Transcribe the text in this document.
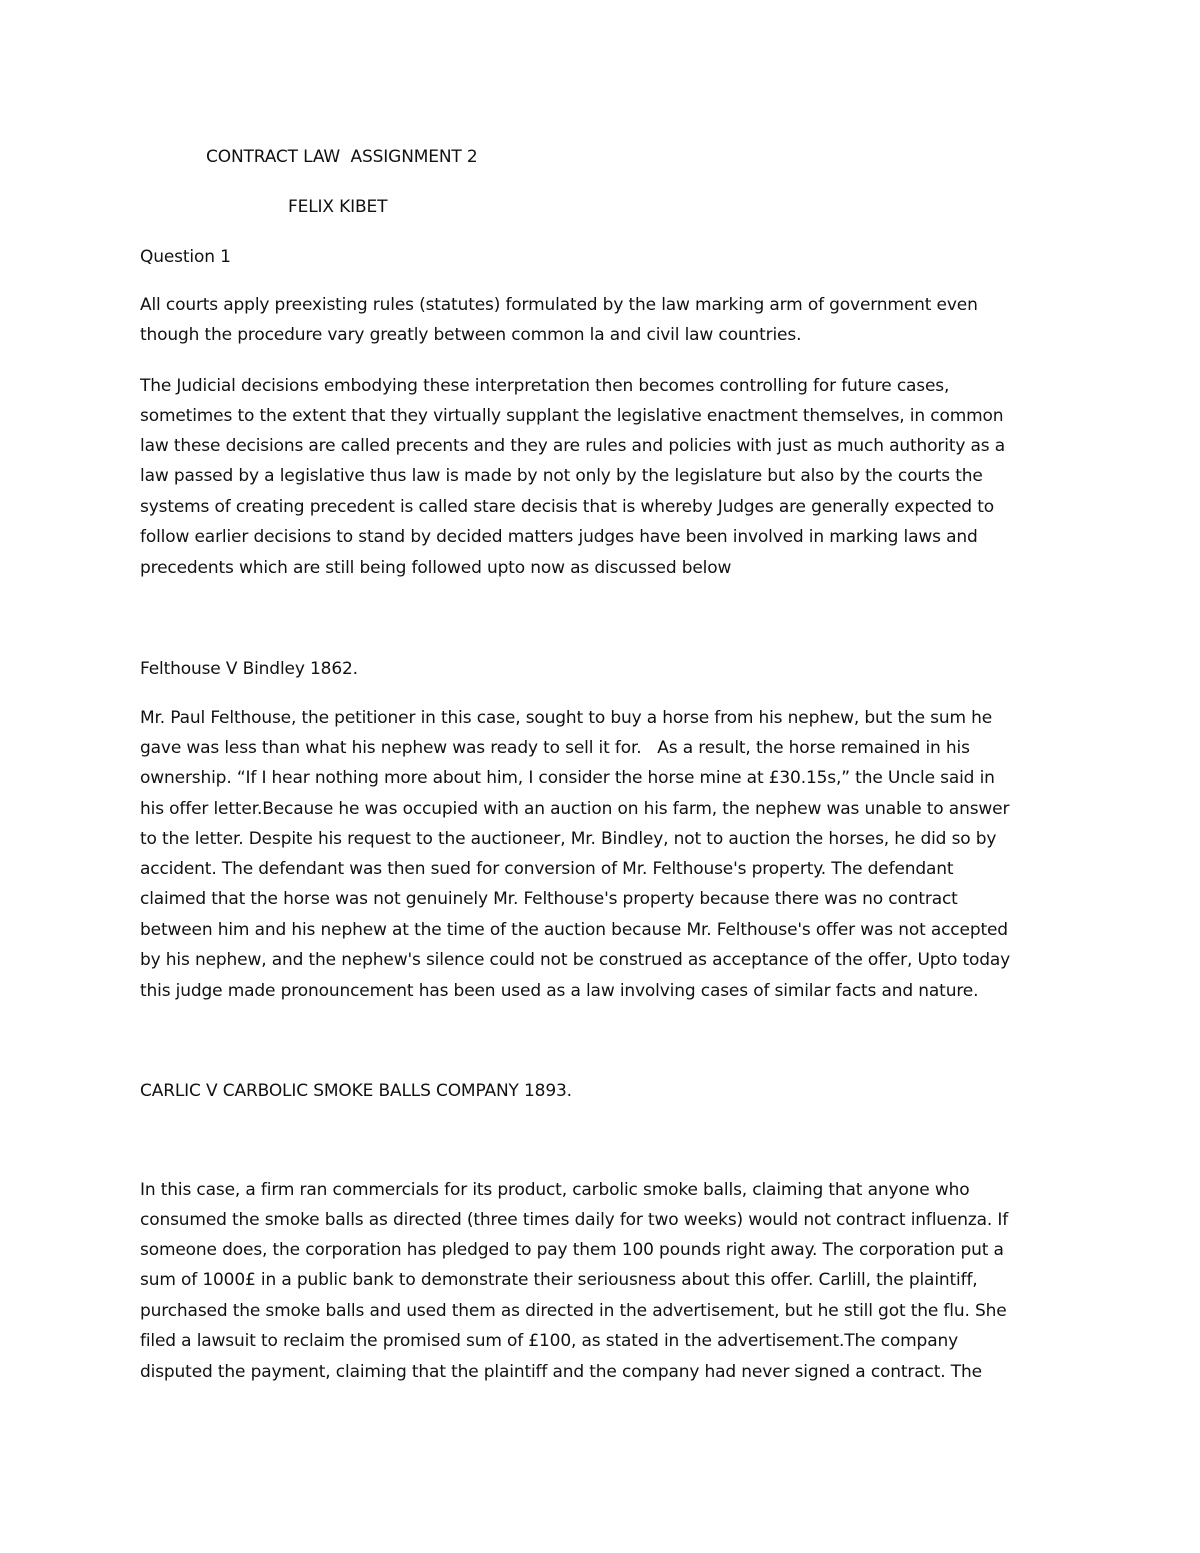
CONTRACT LAW  ASSIGNMENT 2
FELIX KIBET
Question 1
All courts apply preexisting rules (statutes) formulated by the law marking arm of government even
though the procedure vary greatly between common la and civil law countries.
The Judicial decisions embodying these interpretation then becomes controlling for future cases,
sometimes to the extent that they virtually supplant the legislative enactment themselves, in common
law these decisions are called precents and they are rules and policies with just as much authority as a
law passed by a legislative thus law is made by not only by the legislature but also by the courts the
systems of creating precedent is called stare decisis that is whereby Judges are generally expected to
follow earlier decisions to stand by decided matters judges have been involved in marking laws and
precedents which are still being followed upto now as discussed below
Felthouse V Bindley 1862.
Mr. Paul Felthouse, the petitioner in this case, sought to buy a horse from his nephew, but the sum he
gave was less than what his nephew was ready to sell it for.   As a result, the horse remained in his
ownership. “If I hear nothing more about him, I consider the horse mine at £30.15s,” the Uncle said in
his offer letter.Because he was occupied with an auction on his farm, the nephew was unable to answer
to the letter. Despite his request to the auctioneer, Mr. Bindley, not to auction the horses, he did so by
accident. The defendant was then sued for conversion of Mr. Felthouse's property. The defendant
claimed that the horse was not genuinely Mr. Felthouse's property because there was no contract
between him and his nephew at the time of the auction because Mr. Felthouse's offer was not accepted
by his nephew, and the nephew's silence could not be construed as acceptance of the offer, Upto today
this judge made pronouncement has been used as a law involving cases of similar facts and nature.
CARLIC V CARBOLIC SMOKE BALLS COMPANY 1893.
In this case, a firm ran commercials for its product, carbolic smoke balls, claiming that anyone who
consumed the smoke balls as directed (three times daily for two weeks) would not contract influenza. If
someone does, the corporation has pledged to pay them 100 pounds right away. The corporation put a
sum of 1000£ in a public bank to demonstrate their seriousness about this offer. Carlill, the plaintiff,
purchased the smoke balls and used them as directed in the advertisement, but he still got the flu. She
filed a lawsuit to reclaim the promised sum of £100, as stated in the advertisement.The company
disputed the payment, claiming that the plaintiff and the company had never signed a contract. The
